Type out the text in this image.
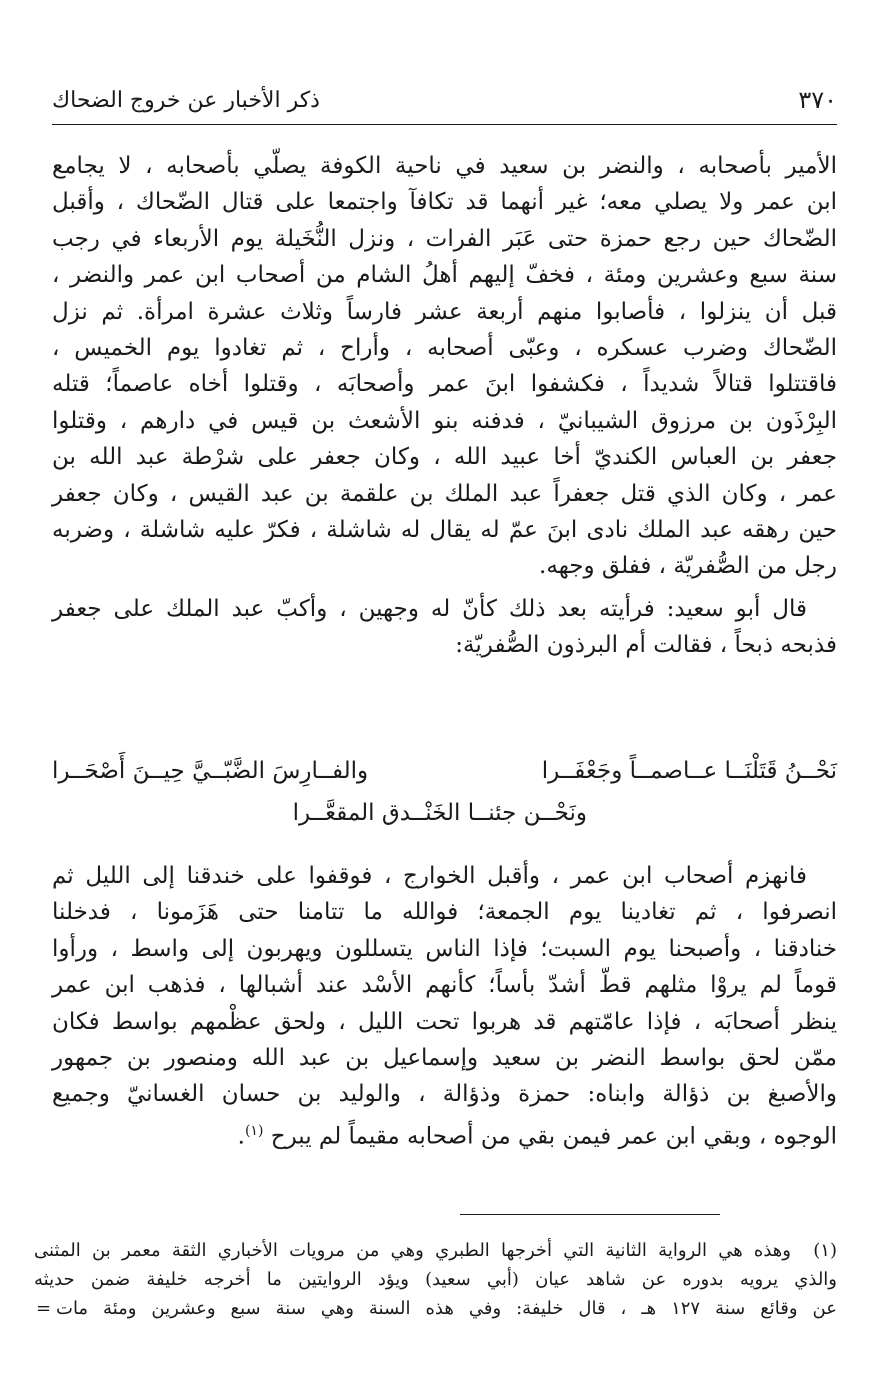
٣٧٠
ذكر الأخبار عن خروج الضحاك
الأمير بأصحابه ، والنضر بن سعيد في ناحية الكوفة يصلّي بأصحابه ، لا يجامع
ابن عمر ولا يصلي معه؛ غير أنهما قد تكافآ واجتمعا على قتال الضّحاك ، وأقبل
الضّحاك حين رجع حمزة حتى عَبَر الفرات ، ونزل النُّخَيلة يوم الأربعاء في رجب
سنة سبع وعشرين ومئة ، فخفّ إليهم أهلُ الشام من أصحاب ابن عمر والنضر ،
قبل أن ينزلوا ، فأصابوا منهم أربعة عشر فارساً وثلاث عشرة امرأة. ثم نزل
الضّحاك وضرب عسكره ، وعبّى أصحابه ، وأراح ، ثم تغادوا يوم الخميس ،
فاقتتلوا قتالاً شديداً ، فكشفوا ابنَ عمر وأصحابَه ، وقتلوا أخاه عاصماً؛ قتله
البِرْذَون بن مرزوق الشيبانيّ ، فدفنه بنو الأشعث بن قيس في دارهم ، وقتلوا
جعفر بن العباس الكنديّ أخا عبيد الله ، وكان جعفر على شرْطة عبد الله بن
عمر ، وكان الذي قتل جعفراً عبد الملك بن علقمة بن عبد القيس ، وكان جعفر
حين رهقه عبد الملك نادى ابنَ عمّ له يقال له شاشلة ، فكرّ عليه شاشلة ، وضربه
رجل من الصُّفريّة ، ففلق وجهه.
قال أبو سعيد: فرأيته بعد ذلك كأنّ له وجهين ، وأكبّ عبد الملك على جعفر
فذبحه ذبحاً ، فقالت أم البرذون الصُّفريّة:
نَحْــنُ قَتَلْنَــا عــاصمــاً وجَعْفَــرا
والفــارِسَ الضَّبّــيَّ حِيــنَ أَصْحَــرا
ونَحْــن جئنــا الخَنْــدق المقعَّــرا
فانهزم أصحاب ابن عمر ، وأقبل الخوارج ، فوقفوا على خندقنا إلى الليل ثم
انصرفوا ، ثم تغادينا يوم الجمعة؛ فوالله ما تتامنا حتى هَزَمونا ، فدخلنا
خنادقنا ، وأصبحنا يوم السبت؛ فإذا الناس يتسللون ويهربون إلى واسط ، ورأوا
قوماً لم يروْا مثلهم قطّ أشدّ بأساً؛ كأنهم الأسْد عند أشبالها ، فذهب ابن عمر
ينظر أصحابَه ، فإذا عامّتهم قد هربوا تحت الليل ، ولحق عظْمهم بواسط فكان
ممّن لحق بواسط النضر بن سعيد وإسماعيل بن عبد الله ومنصور بن جمهور
والأصبغ بن ذؤالة وابناه: حمزة وذؤالة ، والوليد بن حسان الغسانيّ وجميع
الوجوه ، وبقي ابن عمر فيمن بقي من أصحابه مقيماً لم يبرح $^{(١)}$.
(١)
وهذه هي الرواية الثانية التي أخرجها الطبري وهي من مرويات الأخباري الثقة معمر بن المثنى
والذي يرويه بدوره عن شاهد عيان (أبي سعيد) ويؤد الروايتين ما أخرجه خليفة ضمن حديثه
عن وقائع سنة ١٢٧ هـ ، قال خليفة: وفي هذه السنة وهي سنة سبع وعشرين ومئة مات
=
